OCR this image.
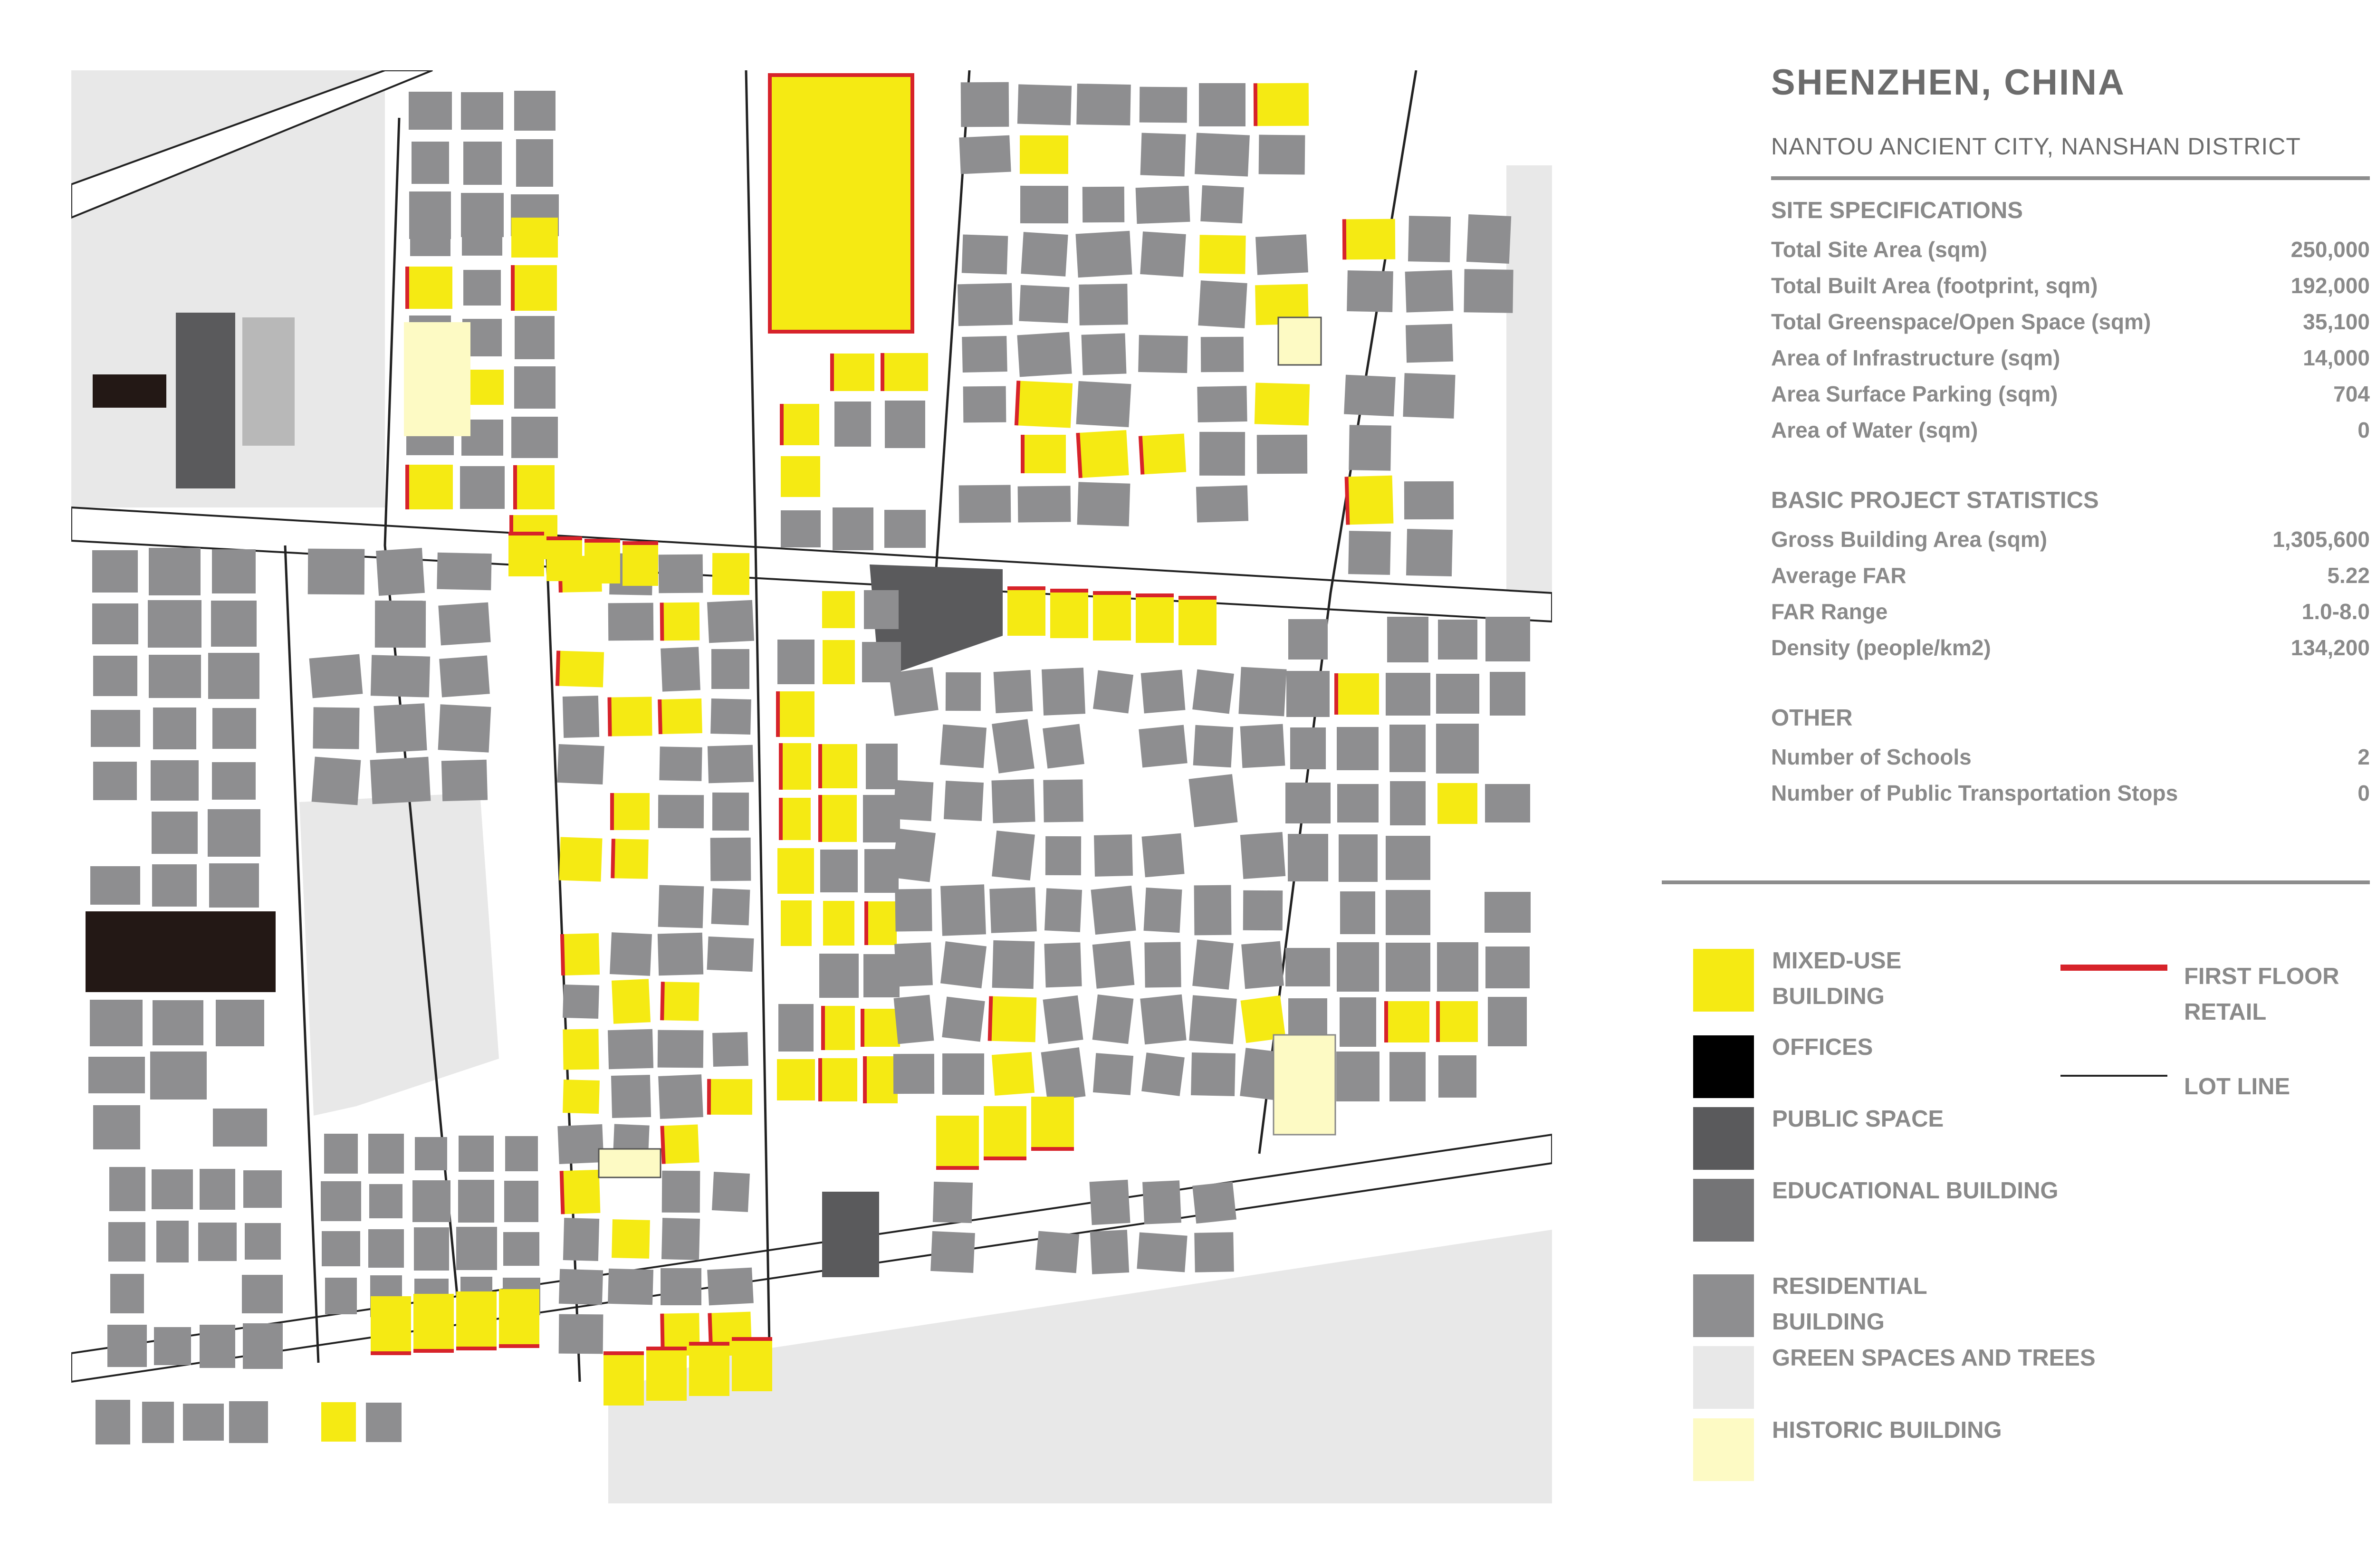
SHENZHEN, CHINA
NANTOU ANCIENT CITY, NANSHAN DISTRICT
SITE SPECIFICATIONS
Total Site Area (sqm)	250,000
Total Built Area (footprint, sqm)	192,000
Total Greenspace/Open Space (sqm)	35,100
Area of Infrastructure (sqm)	14,000
Area Surface Parking (sqm)	704
Area of Water (sqm)	0
BASIC PROJECT STATISTICS
Gross Building Area (sqm)	1,305,600
Average FAR	5.22
FAR Range	1.0-8.0
Density (people/km2)	134,200
OTHER
Number of Schools	2
Number of Public Transportation Stops	0
MIXED-USE
BUILDING
OFFICES
PUBLIC SPACE
EDUCATIONAL BUILDING
RESIDENTIAL
BUILDING
GREEN SPACES AND TREES
HISTORIC BUILDING
FIRST FLOOR
RETAIL
LOT LINE
